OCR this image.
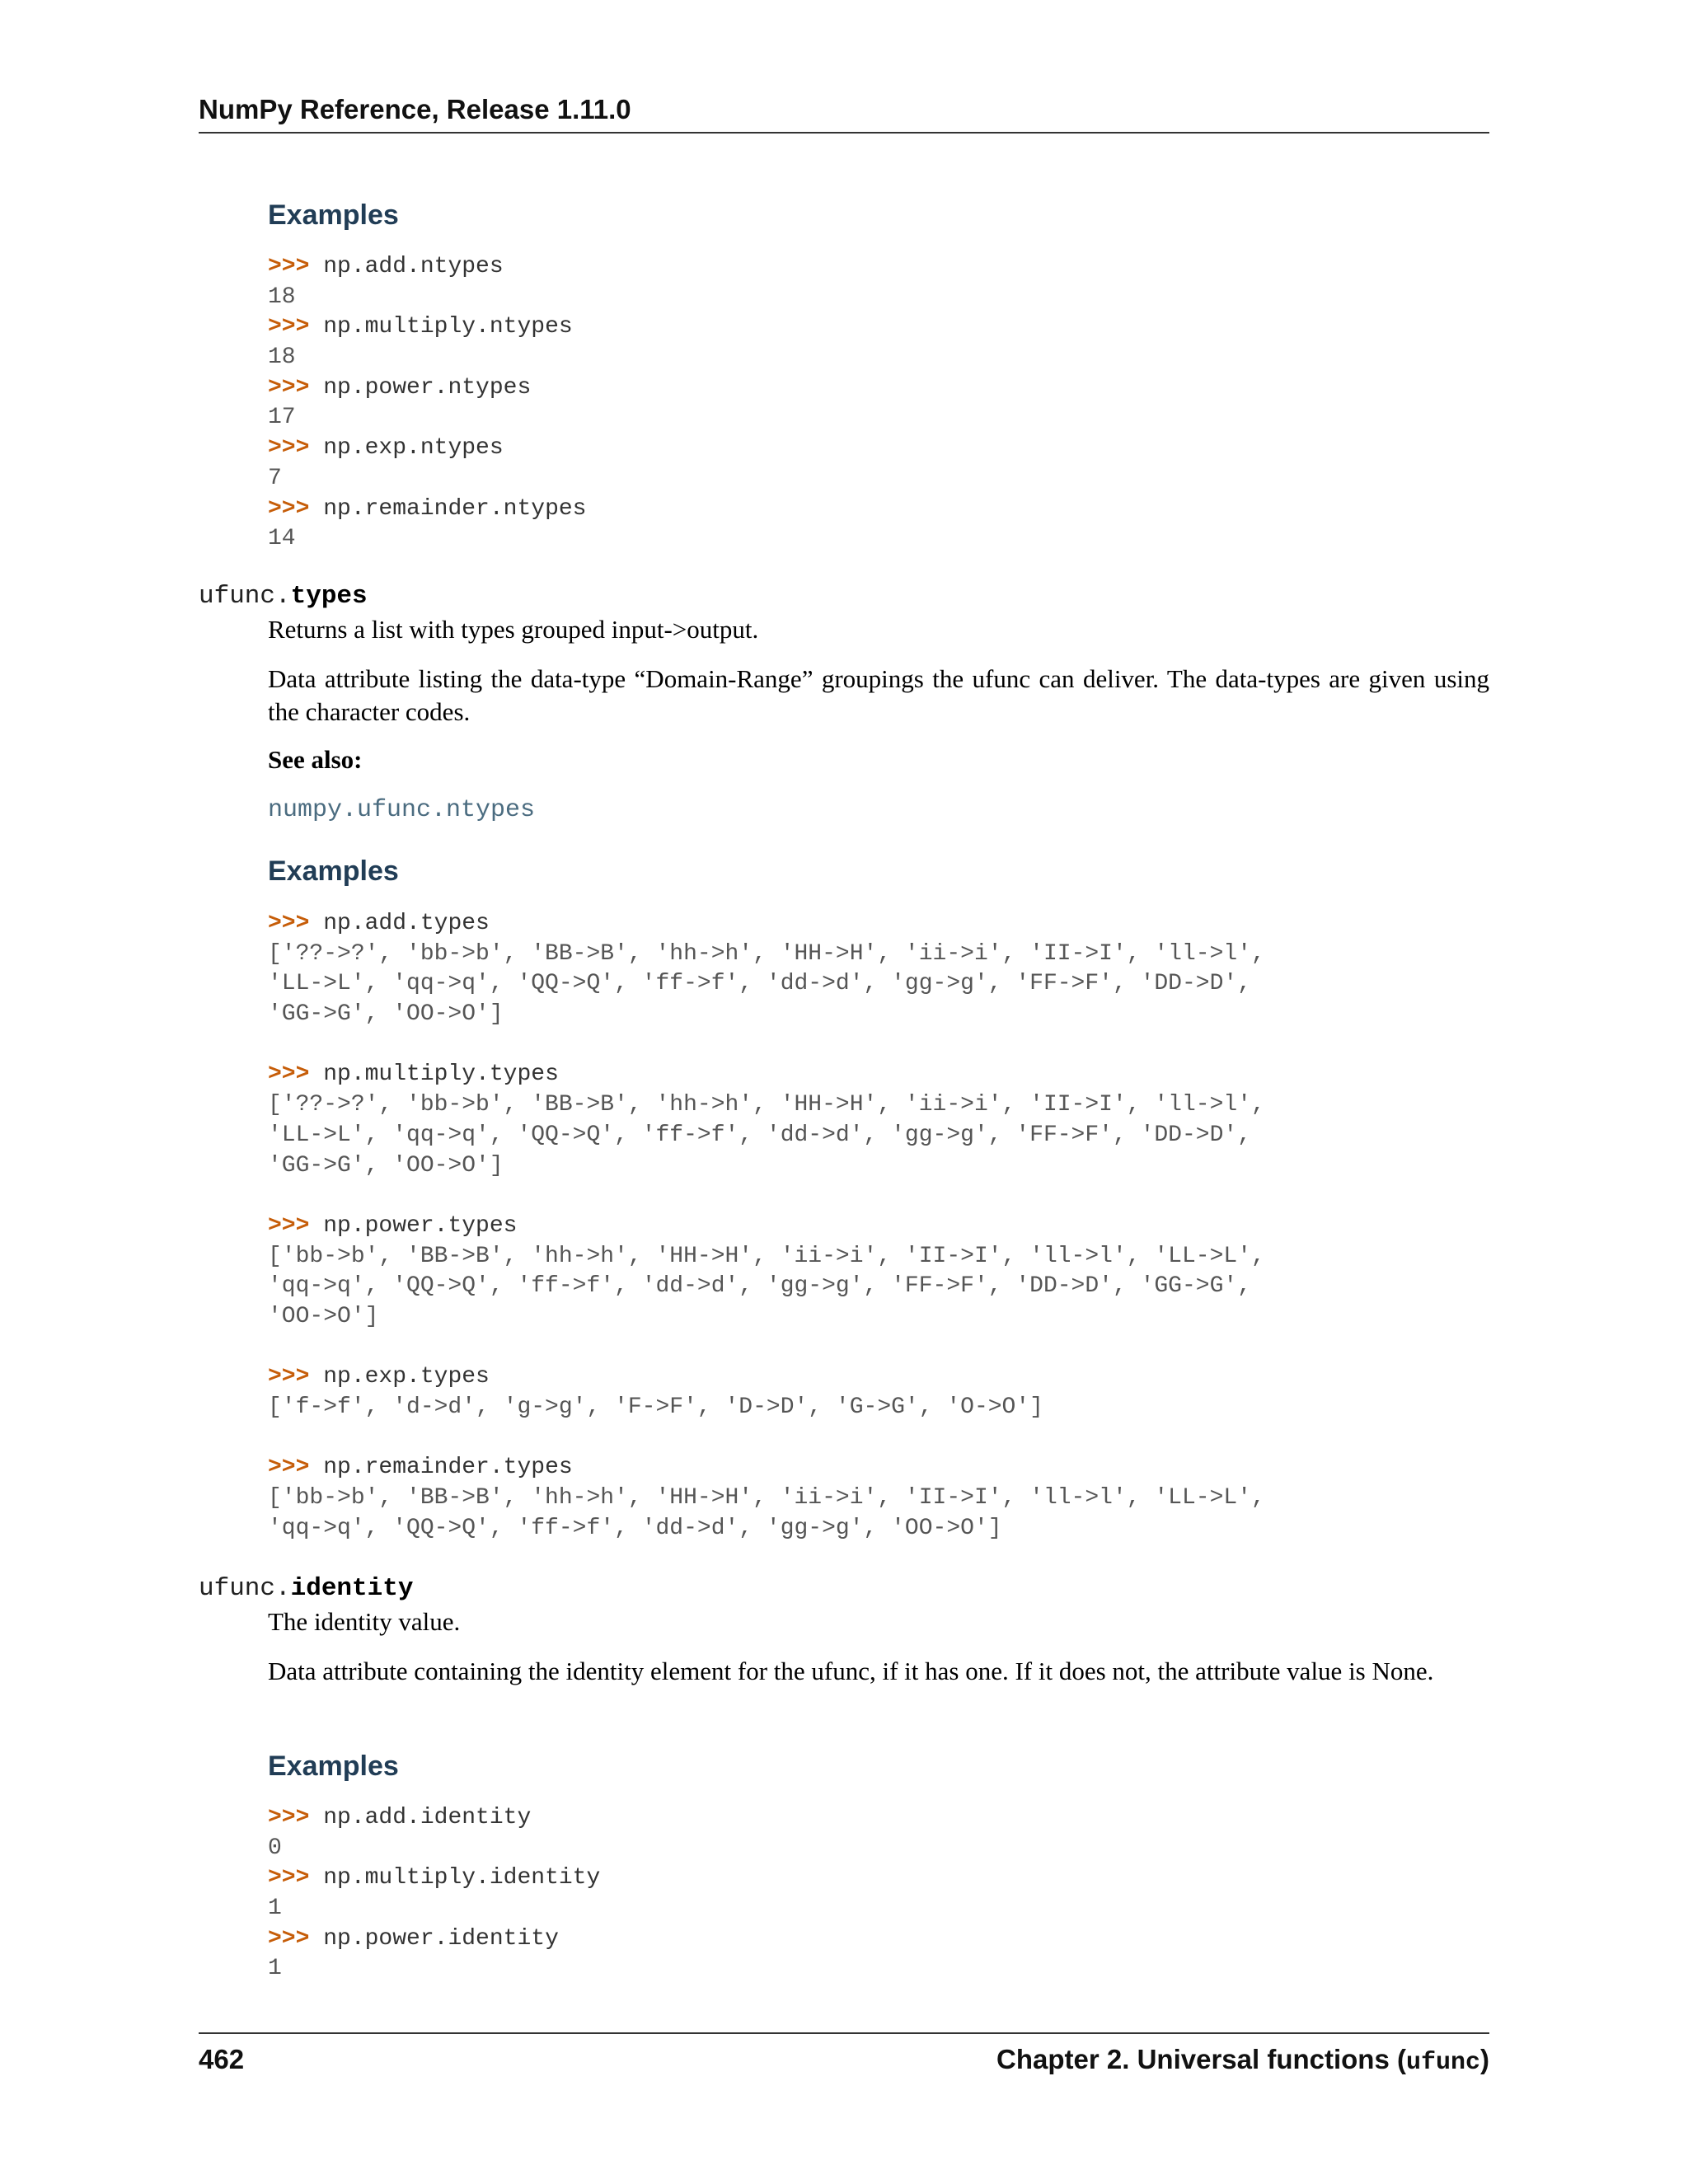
NumPy Reference, Release 1.11.0
Examples
>>> np.add.ntypes
18
>>> np.multiply.ntypes
18
>>> np.power.ntypes
17
>>> np.exp.ntypes
7
>>> np.remainder.ntypes
14
ufunc.types
Returns a list with types grouped input->output.
Data attribute listing the data-type “Domain-Range” groupings the ufunc can deliver. The data-types are given using the character codes.
See also:
numpy.ufunc.ntypes
Examples
>>> np.add.types
['??->?', 'bb->b', 'BB->B', 'hh->h', 'HH->H', 'ii->i', 'II->I', 'll->l',
'LL->L', 'qq->q', 'QQ->Q', 'ff->f', 'dd->d', 'gg->g', 'FF->F', 'DD->D',
'GG->G', 'OO->O']
>>> np.multiply.types
['??->?', 'bb->b', 'BB->B', 'hh->h', 'HH->H', 'ii->i', 'II->I', 'll->l',
'LL->L', 'qq->q', 'QQ->Q', 'ff->f', 'dd->d', 'gg->g', 'FF->F', 'DD->D',
'GG->G', 'OO->O']
>>> np.power.types
['bb->b', 'BB->B', 'hh->h', 'HH->H', 'ii->i', 'II->I', 'll->l', 'LL->L',
'qq->q', 'QQ->Q', 'ff->f', 'dd->d', 'gg->g', 'FF->F', 'DD->D', 'GG->G',
'OO->O']
>>> np.exp.types
['f->f', 'd->d', 'g->g', 'F->F', 'D->D', 'G->G', 'O->O']
>>> np.remainder.types
['bb->b', 'BB->B', 'hh->h', 'HH->H', 'ii->i', 'II->I', 'll->l', 'LL->L',
'qq->q', 'QQ->Q', 'ff->f', 'dd->d', 'gg->g', 'OO->O']
ufunc.identity
The identity value.
Data attribute containing the identity element for the ufunc, if it has one. If it does not, the attribute value is None.
Examples
>>> np.add.identity
0
>>> np.multiply.identity
1
>>> np.power.identity
1
462	Chapter 2. Universal functions (ufunc)
